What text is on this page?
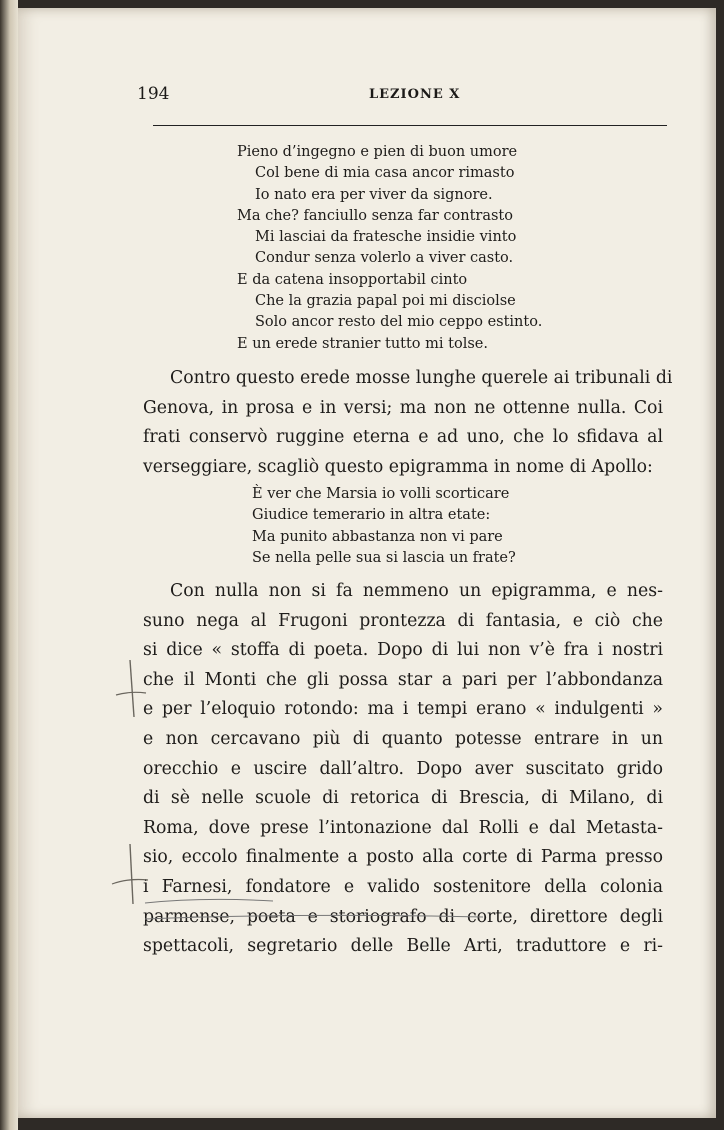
194	LEZIONE X
Pieno d’ingegno e pien di buon umore
Col bene di mia casa ancor rimasto
Io nato era per viver da signore.
Ma che? fanciullo senza far contrasto
Mi lasciai da fratesche insidie vinto
Condur senza volerlo a viver casto.
E da catena insopportabil cinto
Che la grazia papal poi mi disciolse
Solo ancor resto del mio ceppo estinto.
E un erede stranier tutto mi tolse.
Contro questo erede mosse lunghe querele ai tribunali di
Genova, in prosa e in versi; ma non ne ottenne nulla. Coi
frati conservò ruggine eterna e ad uno, che lo sfidava al
verseggiare, scagliò questo epigramma in nome di Apollo:
È ver che Marsia io volli scorticare
Giudice temerario in altra etate:
Ma punito abbastanza non vi pare
Se nella pelle sua si lascia un frate?
Con nulla non si fa nemmeno un epigramma, e nes-
suno nega al Frugoni prontezza di fantasia, e ciò che
si dice « stoffa di poeta. Dopo di lui non v’è fra i nostri
che il Monti che gli possa star a pari per l’abbondanza
e per l’eloquio rotondo: ma i tempi erano « indulgenti »
e non cercavano più di quanto potesse entrare in un
orecchio e uscire dall’altro. Dopo aver suscitato grido
di sè nelle scuole di retorica di Brescia, di Milano, di
Roma, dove prese l’intonazione dal Rolli e dal Metasta-
sio, eccolo finalmente a posto alla corte di Parma presso
i Farnesi, fondatore e valido sostenitore della colonia
parmense, poeta e storiografo di corte, direttore degli
spettacoli, segretario delle Belle Arti, traduttore e ri-
